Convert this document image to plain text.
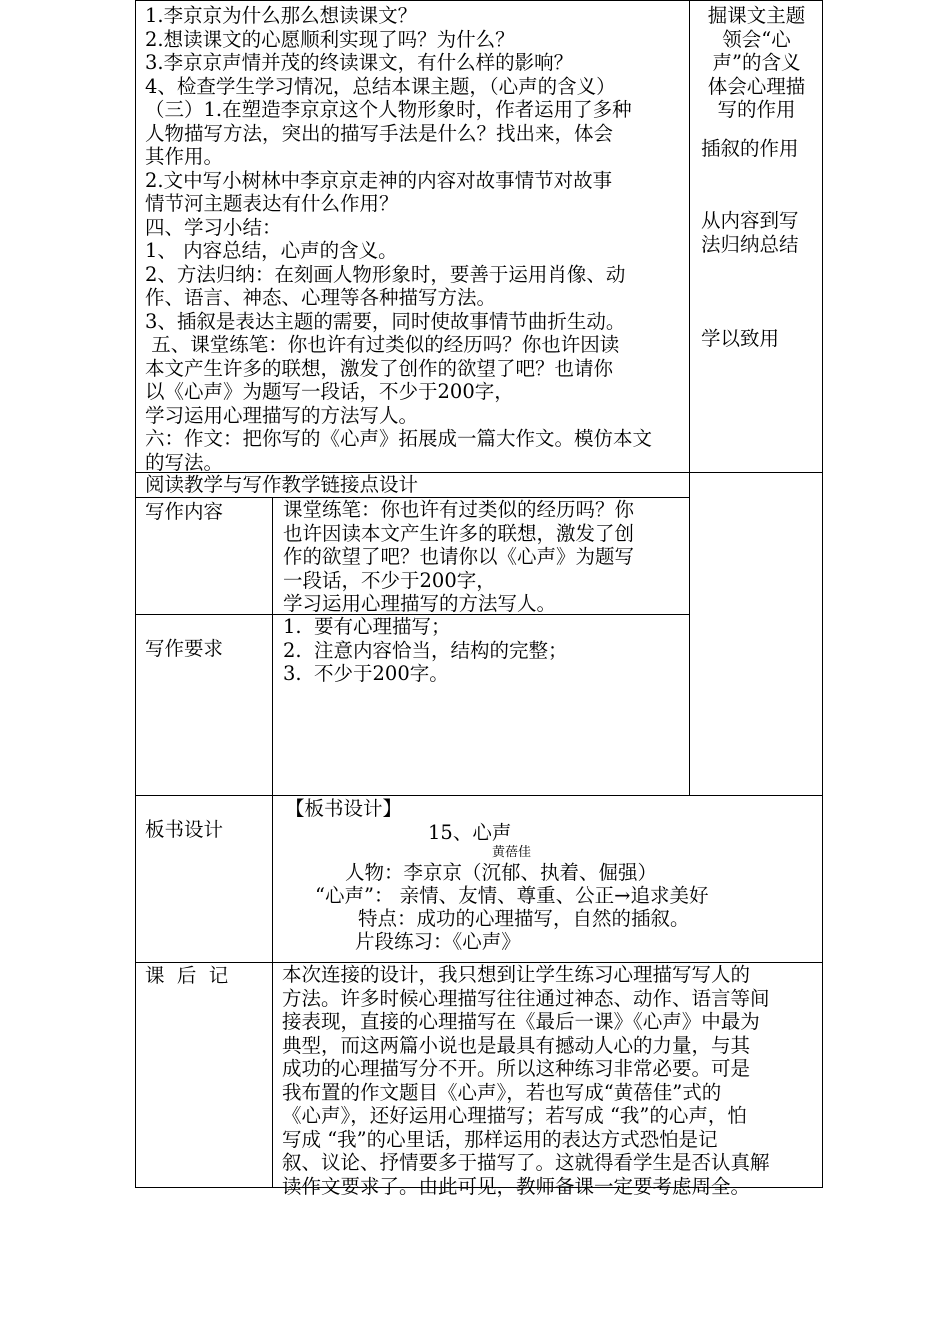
1.李京京为什么那么想读课文？
2.想读课文的心愿顺利实现了吗？为什么？
3.李京京声情并茂的终读课文，有什么样的影响？
4、检查学生学习情况，总结本课主题，（心声的含义）
（三）1.在塑造李京京这个人物形象时，作者运用了多种
人物描写方法，突出的描写手法是什么？找出来，体会
其作用。
2.文中写小树林中李京京走神的内容对故事情节对故事
情节河主题表达有什么作用？
四、学习小结：
1、 内容总结，心声的含义。
2、方法归纳：在刻画人物形象时，要善于运用肖像、动
作、语言、神态、心理等各种描写方法。
3、插叙是表达主题的需要，同时使故事情节曲折生动。
五、课堂练笔：你也许有过类似的经历吗？你也许因读
本文产生许多的联想，激发了创作的欲望了吧？也请你
以《心声》为题写一段话，不少于200字，
学习运用心理描写的方法写人。
六：作文：把你写的《心声》拓展成一篇大作文。模仿本文
的写法。
掘课文主题
领会“心
声”的含义
体会心理描
写的作用
插叙的作用
从内容到写
法归纳总结
学以致用
阅读教学与写作教学链接点设计
写作内容	课堂练笔：你也许有过类似的经历吗？你
也许因读本文产生许多的联想，激发了创
作的欲望了吧？也请你以《心声》为题写
一段话，不少于200字，
学习运用心理描写的方法写人。
写作要求
1.  要有心理描写；
2.  注意内容恰当，结构的完整；
3.  不少于200字。
板书设计
【板书设计】
15、心声
黄蓓佳
人物：李京京（沉郁、执着、倔强）
“心声”： 亲情、友情、尊重、公正→追求美好
特点：成功的心理描写，自然的插叙。
片段练习：《心声》
课  后  记	本次连接的设计，我只想到让学生练习心理描写写人的
方法。许多时候心理描写往往通过神态、动作、语言等间
接表现，直接的心理描写在《最后一课》《心声》中最为
典型，而这两篇小说也是最具有撼动人心的力量，与其
成功的心理描写分不开。所以这种练习非常必要。可是
我布置的作文题目《心声》，若也写成“黄蓓佳”式的
《心声》，还好运用心理描写；若写成 “我”的心声，怕
写成 “我”的心里话，那样运用的表达方式恐怕是记
叙、议论、抒情要多于描写了。这就得看学生是否认真解
读作文要求了。由此可见，教师备课一定要考虑周全。
